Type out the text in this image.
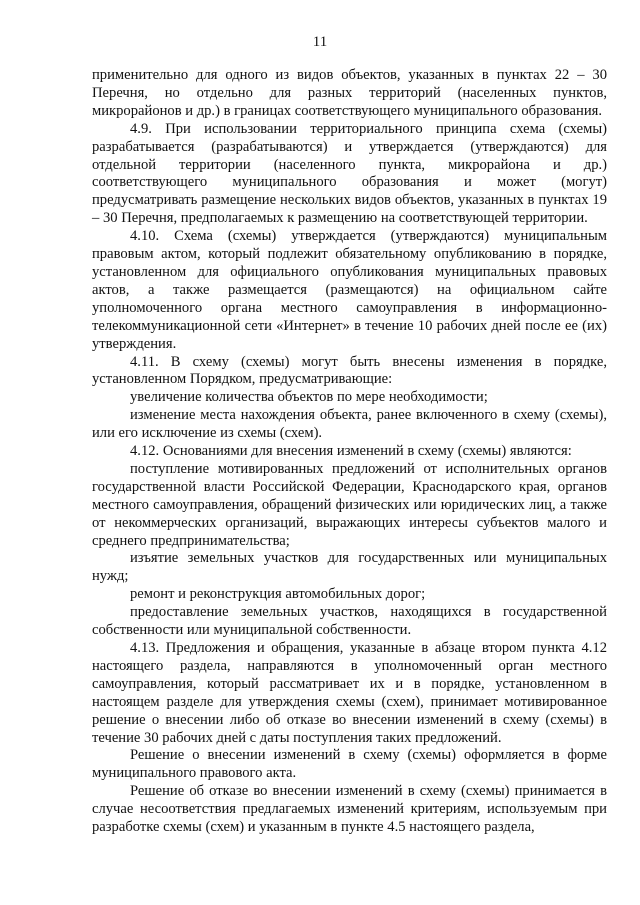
11

применительно для одного из видов объектов, указанных в пунктах 22 – 30 Перечня, но отдельно для разных территорий (населенных пунктов, микрорайонов и др.) в границах соответствующего муниципального образования.

4.9. При использовании территориального принципа схема (схемы) разрабатывается (разрабатываются) и утверждается (утверждаются) для отдельной территории (населенного пункта, микрорайона и др.) соответствующего муниципального образования и может (могут) предусматривать размещение нескольких видов объектов, указанных в пунктах 19 – 30 Перечня, предполагаемых к размещению на соответствующей территории.

4.10. Схема (схемы) утверждается (утверждаются) муниципальным правовым актом, который подлежит обязательному опубликованию в порядке, установленном для официального опубликования муниципальных правовых актов, а также размещается (размещаются) на официальном сайте уполномоченного органа местного самоуправления в информационно-телекоммуникационной сети «Интернет» в течение 10 рабочих дней после ее (их) утверждения.

4.11. В схему (схемы) могут быть внесены изменения в порядке, установленном Порядком, предусматривающие:

увеличение количества объектов по мере необходимости;

изменение места нахождения объекта, ранее включенного в схему (схемы), или его исключение из схемы (схем).

4.12. Основаниями для внесения изменений в схему (схемы) являются:

поступление мотивированных предложений от исполнительных органов государственной власти Российской Федерации, Краснодарского края, органов местного самоуправления, обращений физических или юридических лиц, а также от некоммерческих организаций, выражающих интересы субъектов малого и среднего предпринимательства;

изъятие земельных участков для государственных или муниципальных нужд;

ремонт и реконструкция автомобильных дорог;

предоставление земельных участков, находящихся в государственной собственности или муниципальной собственности.

4.13. Предложения и обращения, указанные в абзаце втором пункта 4.12 настоящего раздела, направляются в уполномоченный орган местного самоуправления, который рассматривает их и в порядке, установленном в настоящем разделе для утверждения схемы (схем), принимает мотивированное решение о внесении либо об отказе во внесении изменений в схему (схемы) в течение 30 рабочих дней с даты поступления таких предложений.

Решение о внесении изменений в схему (схемы) оформляется в форме муниципального правового акта.

Решение об отказе во внесении изменений в схему (схемы) принимается в случае несоответствия предлагаемых изменений критериям, используемым при разработке схемы (схем) и указанным в пункте 4.5 настоящего раздела,
